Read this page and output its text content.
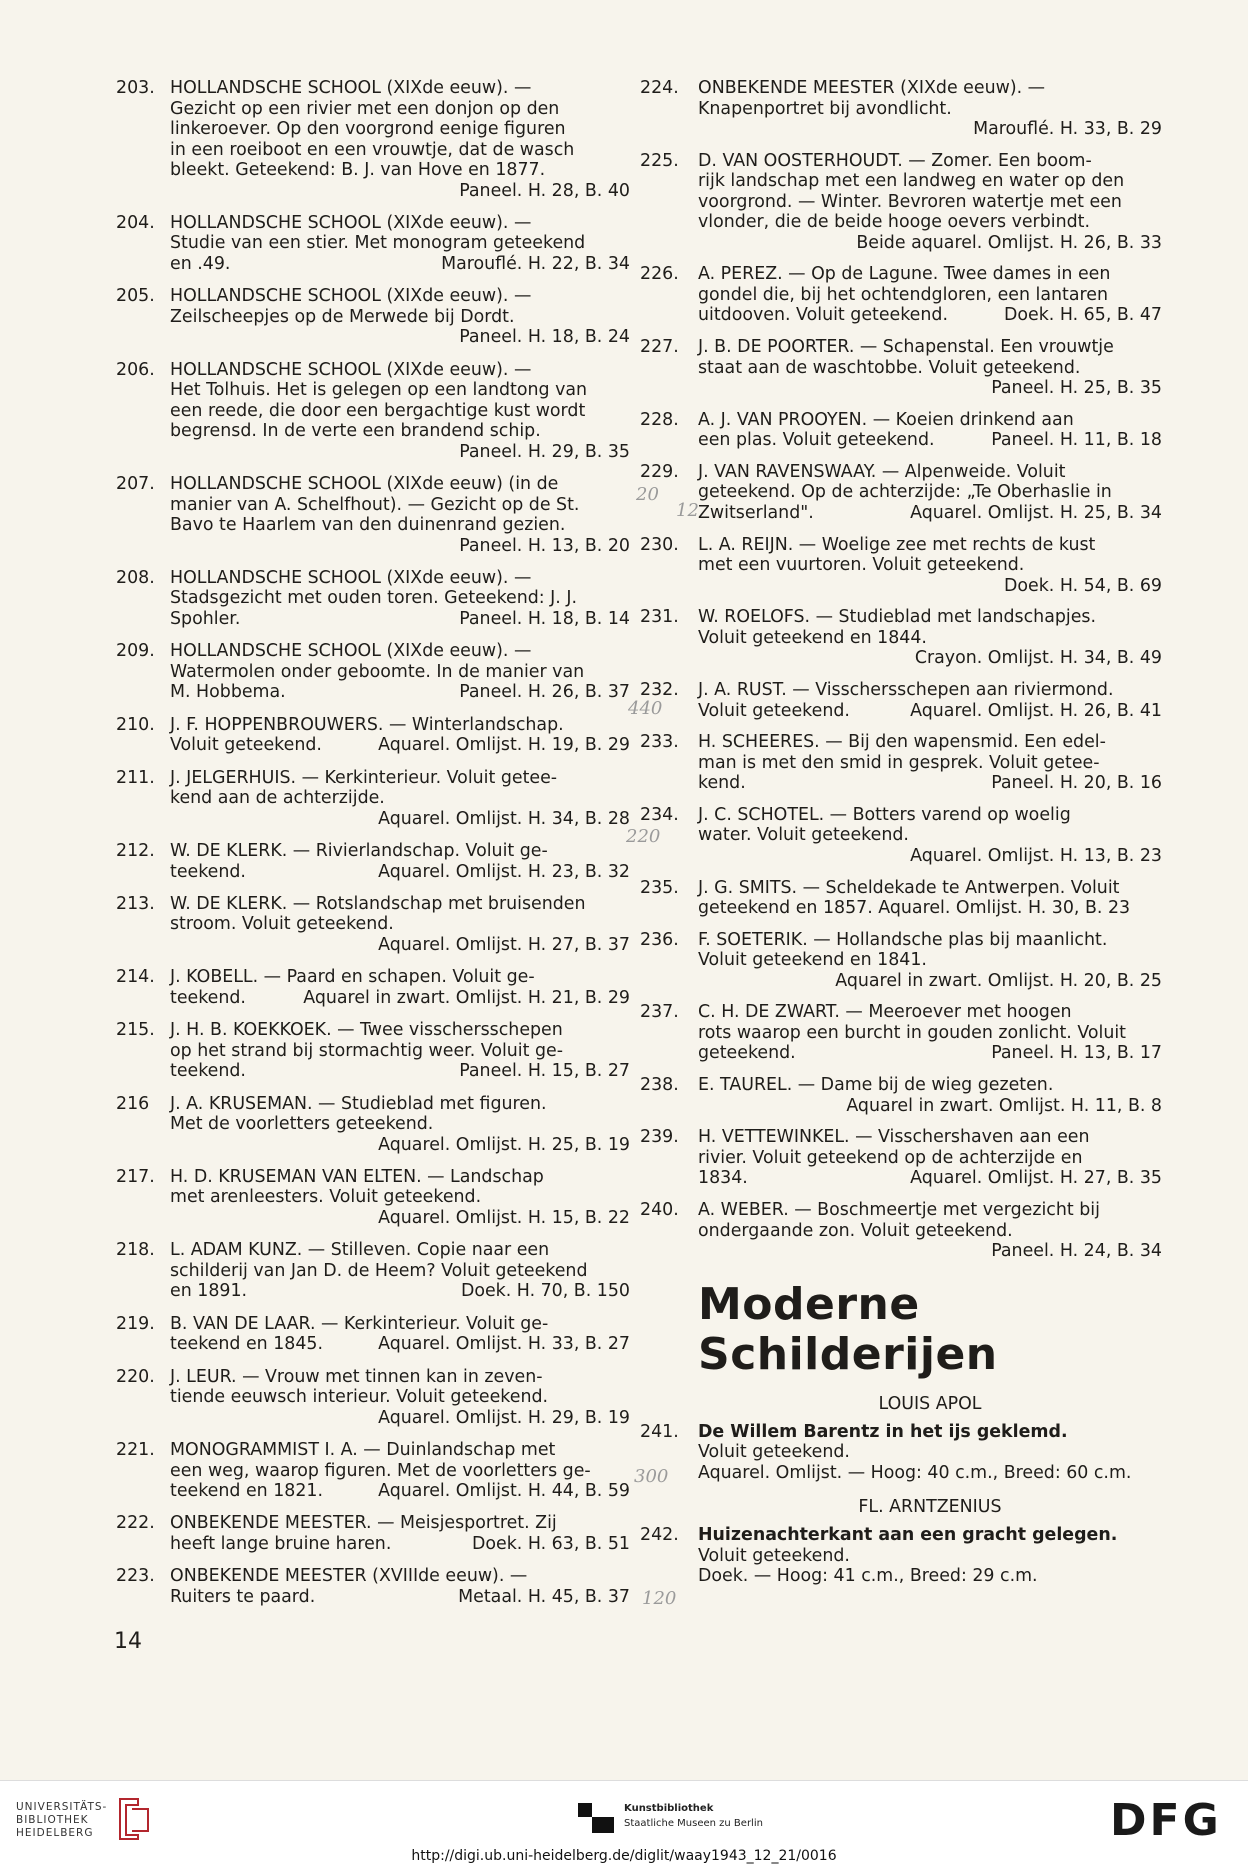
203. HOLLANDSCHE SCHOOL (XIXde eeuw). —
Gezicht op een rivier met een donjon op den
linkeroever. Op den voorgrond eenige figuren
in een roeiboot en een vrouwtje, dat de wasch
bleekt. Geteekend: B. J. van Hove en 1877.
Paneel. H. 28, B. 40
204. HOLLANDSCHE SCHOOL (XIXde eeuw). —
Studie van een stier. Met monogram geteekend
en .49.	Marouflé. H. 22, B. 34
205. HOLLANDSCHE SCHOOL (XIXde eeuw). —
Zeilscheepjes op de Merwede bij Dordt.
Paneel. H. 18, B. 24
206. HOLLANDSCHE SCHOOL (XIXde eeuw). —
Het Tolhuis. Het is gelegen op een landtong van
een reede, die door een bergachtige kust wordt
begrensd. In de verte een brandend schip.
Paneel. H. 29, B. 35
207. HOLLANDSCHE SCHOOL (XIXde eeuw) (in de
manier van A. Schelfhout). — Gezicht op de St.
Bavo te Haarlem van den duinenrand gezien.
Paneel. H. 13, B. 20
208. HOLLANDSCHE SCHOOL (XIXde eeuw). —
Stadsgezicht met ouden toren. Geteekend: J. J.
Spohler.	Paneel. H. 18, B. 14
209. HOLLANDSCHE SCHOOL (XIXde eeuw). —
Watermolen onder geboomte. In de manier van
M. Hobbema.	Paneel. H. 26, B. 37
210. J. F. HOPPENBROUWERS. — Winterlandschap.
Voluit geteekend.	Aquarel. Omlijst. H. 19, B. 29
211. J. JELGERHUIS. — Kerkinterieur. Voluit getee-
kend aan de achterzijde.
Aquarel. Omlijst. H. 34, B. 28
212. W. DE KLERK. — Rivierlandschap. Voluit ge-
teekend.	Aquarel. Omlijst. H. 23, B. 32
213. W. DE KLERK. — Rotslandschap met bruisenden
stroom. Voluit geteekend.
Aquarel. Omlijst. H. 27, B. 37
214. J. KOBELL. — Paard en schapen. Voluit ge-
teekend.	Aquarel in zwart. Omlijst. H. 21, B. 29
215. J. H. B. KOEKKOEK. — Twee visschersschepen
op het strand bij stormachtig weer. Voluit ge-
teekend.	Paneel. H. 15, B. 27
216	J. A. KRUSEMAN. — Studieblad met figuren.
Met de voorletters geteekend.
Aquarel. Omlijst. H. 25, B. 19
217. H. D. KRUSEMAN VAN ELTEN. — Landschap
met arenleesters. Voluit geteekend.
Aquarel. Omlijst. H. 15, B. 22
218. L. ADAM KUNZ. — Stilleven. Copie naar een
schilderij van Jan D. de Heem? Voluit geteekend
en 1891.	Doek. H. 70, B. 150
219. B. VAN DE LAAR. — Kerkinterieur. Voluit ge-
teekend en 1845.	Aquarel. Omlijst. H. 33, B. 27
220. J. LEUR. — Vrouw met tinnen kan in zeven-
tiende eeuwsch interieur. Voluit geteekend.
Aquarel. Omlijst. H. 29, B. 19
221. MONOGRAMMIST I. A. — Duinlandschap met
een weg, waarop figuren. Met de voorletters ge-
teekend en 1821.	Aquarel. Omlijst. H. 44, B. 59
222. ONBEKENDE MEESTER. — Meisjesportret. Zij
heeft lange bruine haren.	Doek. H. 63, B. 51
223. ONBEKENDE MEESTER (XVIIIde eeuw). —
Ruiters te paard.	Metaal. H. 45, B. 37
224.	ONBEKENDE MEESTER (XIXde eeuw). —
Knapenportret bij avondlicht.
Marouflé. H. 33, B. 29
225.	D. VAN OOSTERHOUDT. — Zomer. Een boom-
rijk landschap met een landweg en water op den
voorgrond. — Winter. Bevroren watertje met een
vlonder, die de beide hooge oevers verbindt.
Beide aquarel. Omlijst. H. 26, B. 33
226.	A. PEREZ. — Op de Lagune. Twee dames in een
gondel die, bij het ochtendgloren, een lantaren
uitdooven. Voluit geteekend.	Doek. H. 65, B. 47
227.	J. B. DE POORTER. — Schapenstal. Een vrouwtje
staat aan de waschtobbe. Voluit geteekend.
Paneel. H. 25, B. 35
228.	A. J. VAN PROOYEN. — Koeien drinkend aan
een plas. Voluit geteekend.	Paneel. H. 11, B. 18
229.	J. VAN RAVENSWAAY. — Alpenweide. Voluit
geteekend. Op de achterzijde: „Te Oberhaslie in
Zwitserland".	Aquarel. Omlijst. H. 25, B. 34
230.	L. A. REIJN. — Woelige zee met rechts de kust
met een vuurtoren. Voluit geteekend.
Doek. H. 54, B. 69
231.	W. ROELOFS. — Studieblad met landschapjes.
Voluit geteekend en 1844.
Crayon. Omlijst. H. 34, B. 49
232.	J. A. RUST. — Visschersschepen aan riviermond.
Voluit geteekend.	Aquarel. Omlijst. H. 26, B. 41
233.	H. SCHEERES. — Bij den wapensmid. Een edel-
man is met den smid in gesprek. Voluit getee-
kend.	Paneel. H. 20, B. 16
234.	J. C. SCHOTEL. — Botters varend op woelig
water. Voluit geteekend.
Aquarel. Omlijst. H. 13, B. 23
235.	J. G. SMITS. — Scheldekade te Antwerpen. Voluit
geteekend en 1857. Aquarel. Omlijst. H. 30, B. 23
236.	F. SOETERIK. — Hollandsche plas bij maanlicht.
Voluit geteekend en 1841.
Aquarel in zwart. Omlijst. H. 20, B. 25
237.	C. H. DE ZWART. — Meeroever met hoogen
rots waarop een burcht in gouden zonlicht. Voluit
geteekend.	Paneel. H. 13, B. 17
238.	E. TAUREL. — Dame bij de wieg gezeten.
Aquarel in zwart. Omlijst. H. 11, B. 8
239.	H. VETTEWINKEL. — Visschershaven aan een
rivier. Voluit geteekend op de achterzijde en
1834.	Aquarel. Omlijst. H. 27, B. 35
240.	A. WEBER. — Boschmeertje met vergezicht bij
ondergaande zon. Voluit geteekend.
Paneel. H. 24, B. 34
Moderne
Schilderijen
LOUIS APOL
241.	De Willem Barentz in het ijs geklemd.
Voluit geteekend.
Aquarel. Omlijst. — Hoog: 40 c.m., Breed: 60 c.m.
FL. ARNTZENIUS
242.	Huizenachterkant aan een gracht gelegen.
Voluit geteekend.
Doek. — Hoog: 41 c.m., Breed: 29 c.m.
20
12
440
220
300
120
14
UNIVERSITÄTS-
BIBLIOTHEK
HEIDELBERG
Kunstbibliothek
Staatliche Museen zu Berlin	DFG
http://digi.ub.uni-heidelberg.de/diglit/waay1943_12_21/0016
